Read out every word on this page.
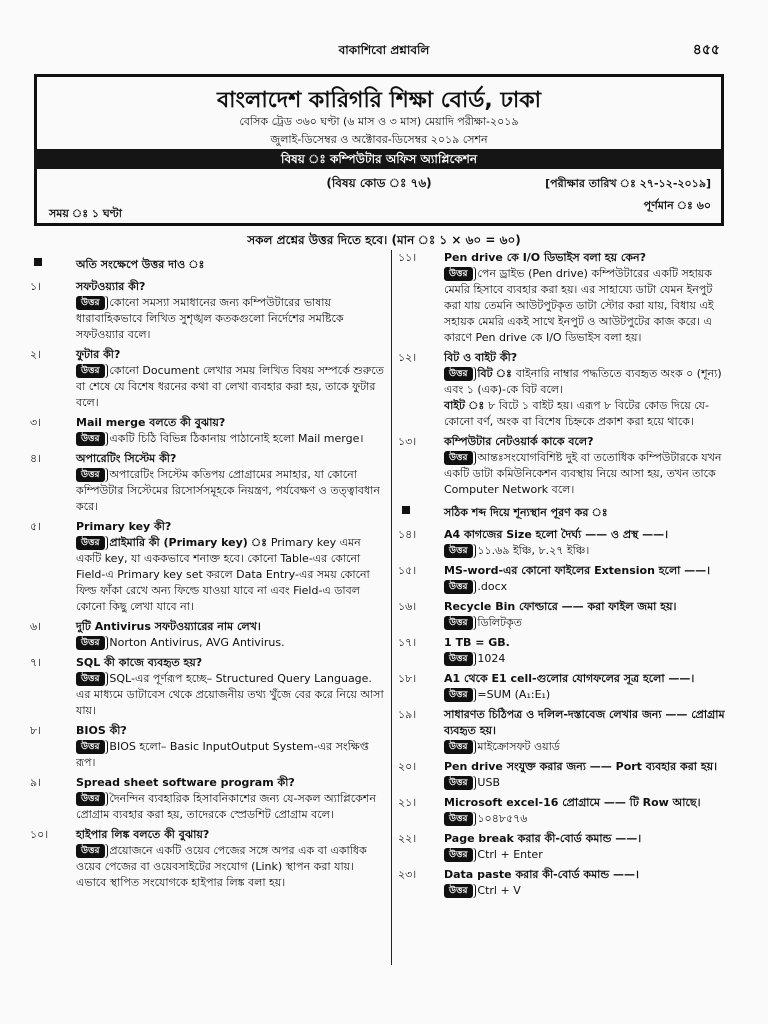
বাকাশিবো প্রশ্নাবলি	৪৫৫
বাংলাদেশ কারিগরি শিক্ষা বোর্ড, ঢাকা
বেসিক ট্রেড ৩৬০ ঘণ্টা (৬ মাস ও ৩ মাস) মেয়াদি পরীক্ষা-২০১৯
জুলাই-ডিসেম্বর ও অক্টোবর-ডিসেম্বর ২০১৯ সেশন
বিষয় ঃ কম্পিউটার অফিস অ্যাপ্লিকেশন
(বিষয় কোড ঃ ৭৬)	[পরীক্ষার তারিখ ঃ ২৭-১২-২০১৯]
সময় ঃ ১ ঘণ্টা
পূর্ণমান ঃ ৬০
সকল প্রশ্নের উত্তর দিতে হবে। (মান ঃ ১ × ৬০ = ৬০)
অতি সংক্ষেপে উত্তর দাও ঃ
১।	সফটওয়্যার কী?
উত্তর কোনো সমস্যা সমাধানের জন্য কম্পিউটারের ভাষায় ধারাবাহিকভাবে লিখিত সুশৃঙ্খল কতকগুলো নির্দেশের সমষ্টিকে সফটওয়্যার বলে।
২।	ফুটার কী?
উত্তর কোনো Document লেখার সময় লিখিত বিষয় সম্পর্কে শুরুতে বা শেষে যে বিশেষ ধরনের কথা বা লেখা ব্যবহার করা হয়, তাকে ফুটার বলে।
৩।	Mail merge বলতে কী বুঝায়?
উত্তর একটি চিঠি বিভিন্ন ঠিকানায় পাঠানোই হলো Mail merge।
৪।	অপারেটিং সিস্টেম কী?
উত্তর অপারেটিং সিস্টেম কতিপয় প্রোগ্রামের সমাহার, যা কোনো কম্পিউটার সিস্টেমের রিসোর্সসমূহকে নিয়ন্ত্রণ, পর্যবেক্ষণ ও তত্ত্বাবধান করে।
৫।	Primary key কী?
উত্তর প্রাইমারি কী (Primary key) ঃ Primary key এমন একটি key, যা এককভাবে শনাক্ত হবে। কোনো Table-এর কোনো Field-এ Primary key set করলে Data Entry-এর সময় কোনো ফিল্ড ফাঁকা রেখে অন্য ফিল্ডে যাওয়া যাবে না এবং Field-এ ডাবল কোনো কিছু লেখা যাবে না।
৬।	দুটি Antivirus সফটওয়্যারের নাম লেখ।
উত্তর Norton Antivirus, AVG Antivirus.
৭।	SQL কী কাজে ব্যবহৃত হয়?
উত্তর SQL-এর পূর্ণরূপ হচ্ছে– Structured Query Language. এর মাধ্যমে ডাটাবেস থেকে প্রয়োজনীয় তথ্য খুঁজে বের করে নিয়ে আসা যায়।
৮।	BIOS কী?
উত্তর BIOS হলো– Basic InputOutput System-এর সংক্ষিপ্ত রূপ।
৯।	Spread sheet software program কী?
উত্তর দৈনন্দিন ব্যবহারিক হিসাবনিকাশের জন্য যে-সকল অ্যাপ্লিকেশন প্রোগ্রাম ব্যবহার করা হয়, তাদেরকে স্প্রেডশিট প্রোগ্রাম বলে।
১০।	হাইপার লিঙ্ক বলতে কী বুঝায়?
উত্তর প্রয়োজনে একটি ওয়েব পেজের সঙ্গে অপর এক বা একাধিক ওয়েব পেজের বা ওয়েবসাইটের সংযোগ (Link) স্থাপন করা যায়। এভাবে স্থাপিত সংযোগকে হাইপার লিঙ্ক বলা হয়।
১১।	Pen drive কে I/O ডিভাইস বলা হয় কেন?
উত্তর পেন ড্রাইভ (Pen drive) কম্পিউটারের একটি সহায়ক মেমরি হিসাবে ব্যবহার করা হয়। এর সাহায্যে ডাটা যেমন ইনপুট করা যায় তেমনি আউটপুটকৃত ডাটা স্টোর করা যায়, বিধায় এই সহায়ক মেমরি একই সাথে ইনপুট ও আউটপুটের কাজ করে। এ কারণে Pen drive কে I/O ডিভাইস বলা হয়।
১২।	বিট ও বাইট কী?
উত্তর বিট ঃ বাইনারি নাম্বার পদ্ধতিতে ব্যবহৃত অংক ০ (শূন্য) এবং ১ (এক)-কে বিট বলে।
বাইট ঃ ৮ বিটে ১ বাইট হয়। এরূপ ৮ বিটের কোড দিয়ে যে-কোনো বর্ণ, অংক বা বিশেষ চিহ্নকে প্রকাশ করা হয়ে থাকে।
১৩।	কম্পিউটার নেটওয়ার্ক কাকে বলে?
উত্তর আন্তঃসংযোগবিশিষ্ট দুই বা ততোধিক কম্পিউটারকে যখন একটি ডাটা কমিউনিকেশন ব্যবস্থায় নিয়ে আসা হয়, তখন তাকে Computer Network বলে।
সঠিক শব্দ দিয়ে শূন্যস্থান পূরণ কর ঃ
১৪।	A4 কাগজের Size হলো দৈর্ঘ্য —— ও প্রস্থ ——।
উত্তর ১১.৬৯ ইঞ্চি, ৮.২৭ ইঞ্চি।
১৫।	MS-word-এর কোনো ফাইলের Extension হলো ——।
উত্তর .docx
১৬।	Recycle Bin ফোল্ডারে —— করা ফাইল জমা হয়।
উত্তর ডিলিটকৃত
১৭।	1 TB = GB.
উত্তর 1024
১৮।	A1 থেকে E1 cell-গুলোর যোগফলের সূত্র হলো ——।
উত্তর =SUM (A₁:E₁)
১৯।	সাধারণত চিঠিপত্র ও দলিল-দস্তাবেজ লেখার জন্য —— প্রোগ্রাম ব্যবহৃত হয়।
উত্তর মাইক্রোসফট ওয়ার্ড
২০।	Pen drive সংযুক্ত করার জন্য —— Port ব্যবহার করা হয়।
উত্তর USB
২১।	Microsoft excel-16 প্রোগ্রামে —— টি Row আছে।
উত্তর ১০৪৮৫৭৬
২২।	Page break করার কী-বোর্ড কমান্ড ——।
উত্তর Ctrl + Enter
২৩।	Data paste করার কী-বোর্ড কমান্ড ——।
উত্তর Ctrl + V
